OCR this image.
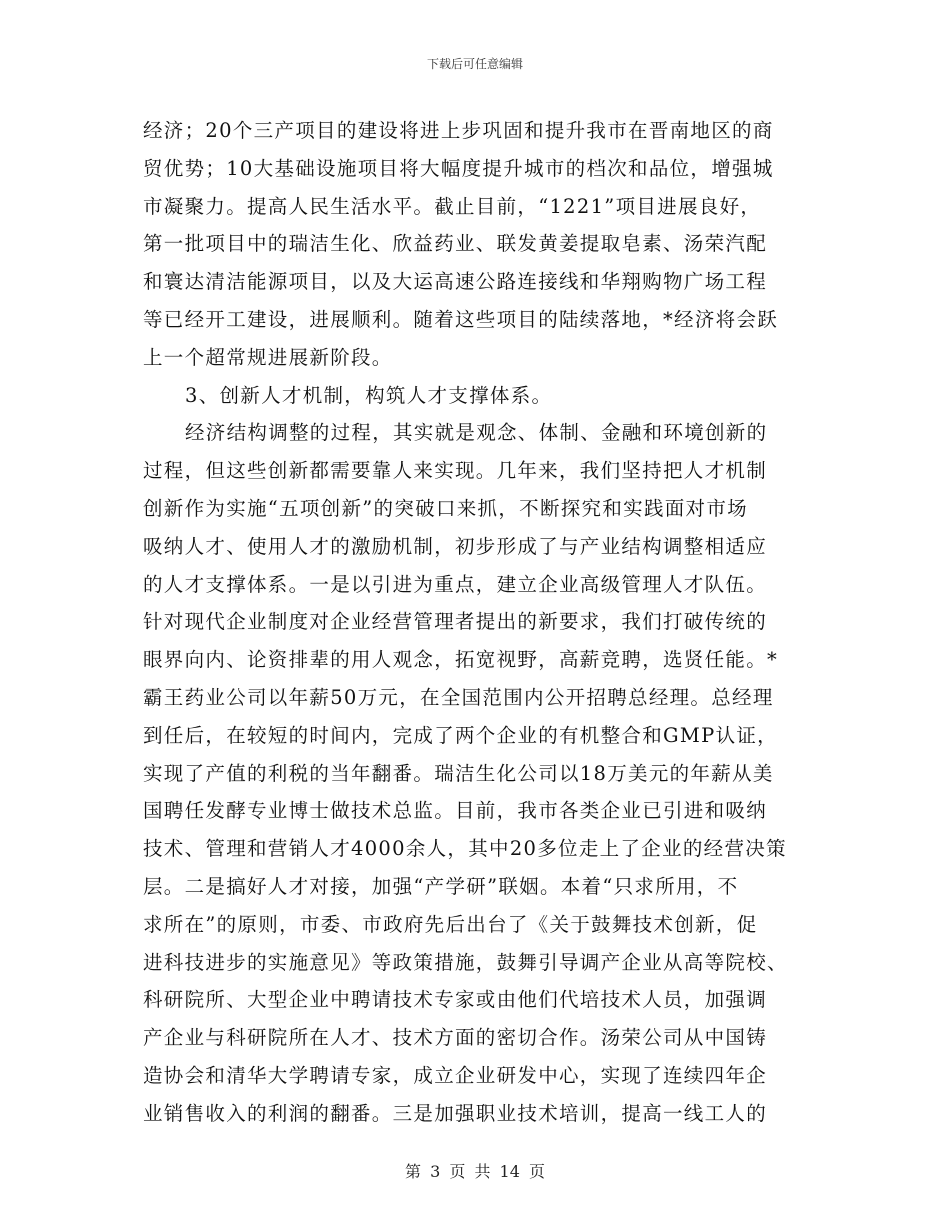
下载后可任意编辑
经济；20个三产项目的建设将进上步巩固和提升我市在晋南地区的商
贸优势；10大基础设施项目将大幅度提升城市的档次和品位，增强城
市凝聚力。提高人民生活水平。截止目前，“1221”项目进展良好，
第一批项目中的瑞洁生化、欣益药业、联发黄姜提取皂素、汤荣汽配
和寰达清洁能源项目，以及大运高速公路连接线和华翔购物广场工程
等已经开工建设，进展顺利。随着这些项目的陆续落地，*经济将会跃
上一个超常规进展新阶段。
3、创新人才机制，构筑人才支撑体系。
经济结构调整的过程，其实就是观念、体制、金融和环境创新的
过程，但这些创新都需要靠人来实现。几年来，我们坚持把人才机制
创新作为实施“五项创新”的突破口来抓，不断探究和实践面对市场
吸纳人才、使用人才的激励机制，初步形成了与产业结构调整相适应
的人才支撑体系。一是以引进为重点，建立企业高级管理人才队伍。
针对现代企业制度对企业经营管理者提出的新要求，我们打破传统的
眼界向内、论资排辈的用人观念，拓宽视野，高薪竞聘，选贤任能。*
霸王药业公司以年薪50万元，在全国范围内公开招聘总经理。总经理
到任后，在较短的时间内，完成了两个企业的有机整合和GMP认证，
实现了产值的利税的当年翻番。瑞洁生化公司以18万美元的年薪从美
国聘任发酵专业博士做技术总监。目前，我市各类企业已引进和吸纳
技术、管理和营销人才4000余人，其中20多位走上了企业的经营决策
层。二是搞好人才对接，加强“产学研”联姻。本着“只求所用，不
求所在”的原则，市委、市政府先后出台了《关于鼓舞技术创新，促
进科技进步的实施意见》等政策措施，鼓舞引导调产企业从高等院校、
科研院所、大型企业中聘请技术专家或由他们代培技术人员，加强调
产企业与科研院所在人才、技术方面的密切合作。汤荣公司从中国铸
造协会和清华大学聘请专家，成立企业研发中心，实现了连续四年企
业销售收入的利润的翻番。三是加强职业技术培训，提高一线工人的
第 3 页 共 14 页
